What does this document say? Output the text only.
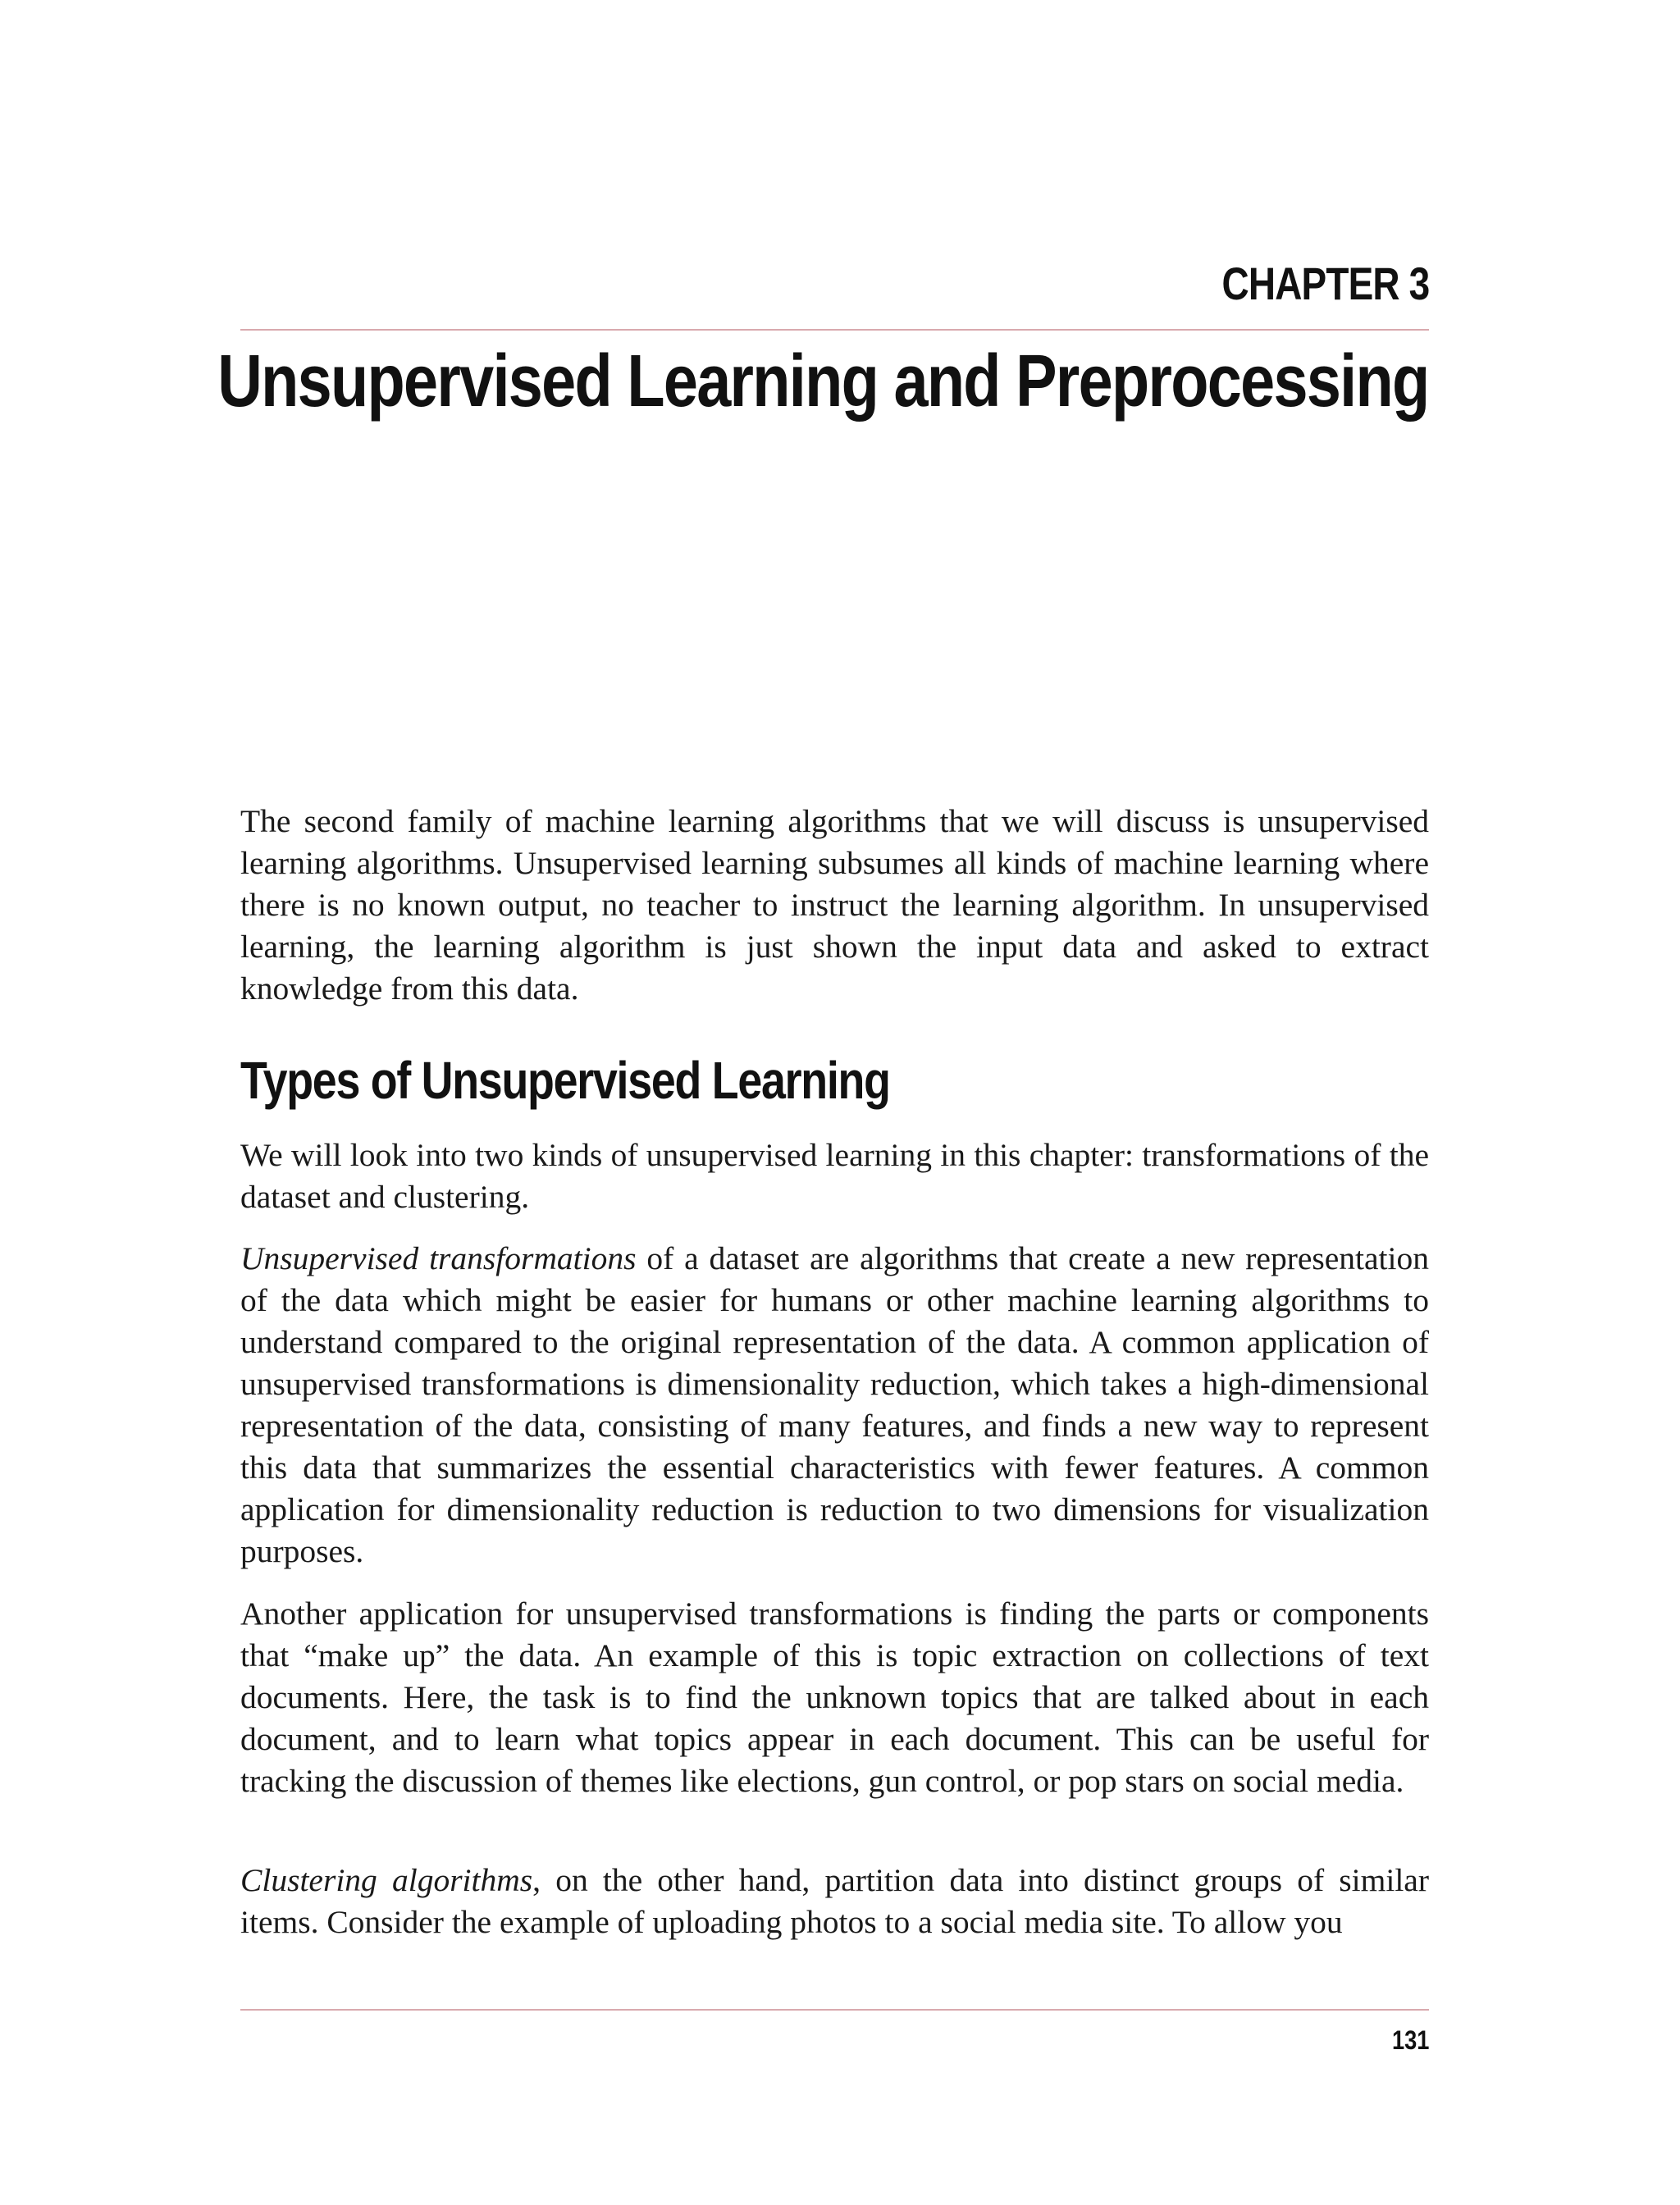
CHAPTER 3
Unsupervised Learning and Preprocessing

The second family of machine learning algorithms that we will discuss is unsupervised learning algorithms. Unsupervised learning subsumes all kinds of machine learning where there is no known output, no teacher to instruct the learning algorithm. In unsupervised learning, the learning algorithm is just shown the input data and asked to extract knowledge from this data.

Types of Unsupervised Learning

We will look into two kinds of unsupervised learning in this chapter: transformations of the dataset and clustering.

Unsupervised transformations of a dataset are algorithms that create a new representation of the data which might be easier for humans or other machine learning algorithms to understand compared to the original representation of the data. A common application of unsupervised transformations is dimensionality reduction, which takes a high-dimensional representation of the data, consisting of many features, and finds a new way to represent this data that summarizes the essential characteristics with fewer features. A common application for dimensionality reduction is reduction to two dimensions for visualization purposes.

Another application for unsupervised transformations is finding the parts or components that “make up” the data. An example of this is topic extraction on collections of text documents. Here, the task is to find the unknown topics that are talked about in each document, and to learn what topics appear in each document. This can be useful for tracking the discussion of themes like elections, gun control, or pop stars on social media.

Clustering algorithms, on the other hand, partition data into distinct groups of similar items. Consider the example of uploading photos to a social media site. To allow you

131
